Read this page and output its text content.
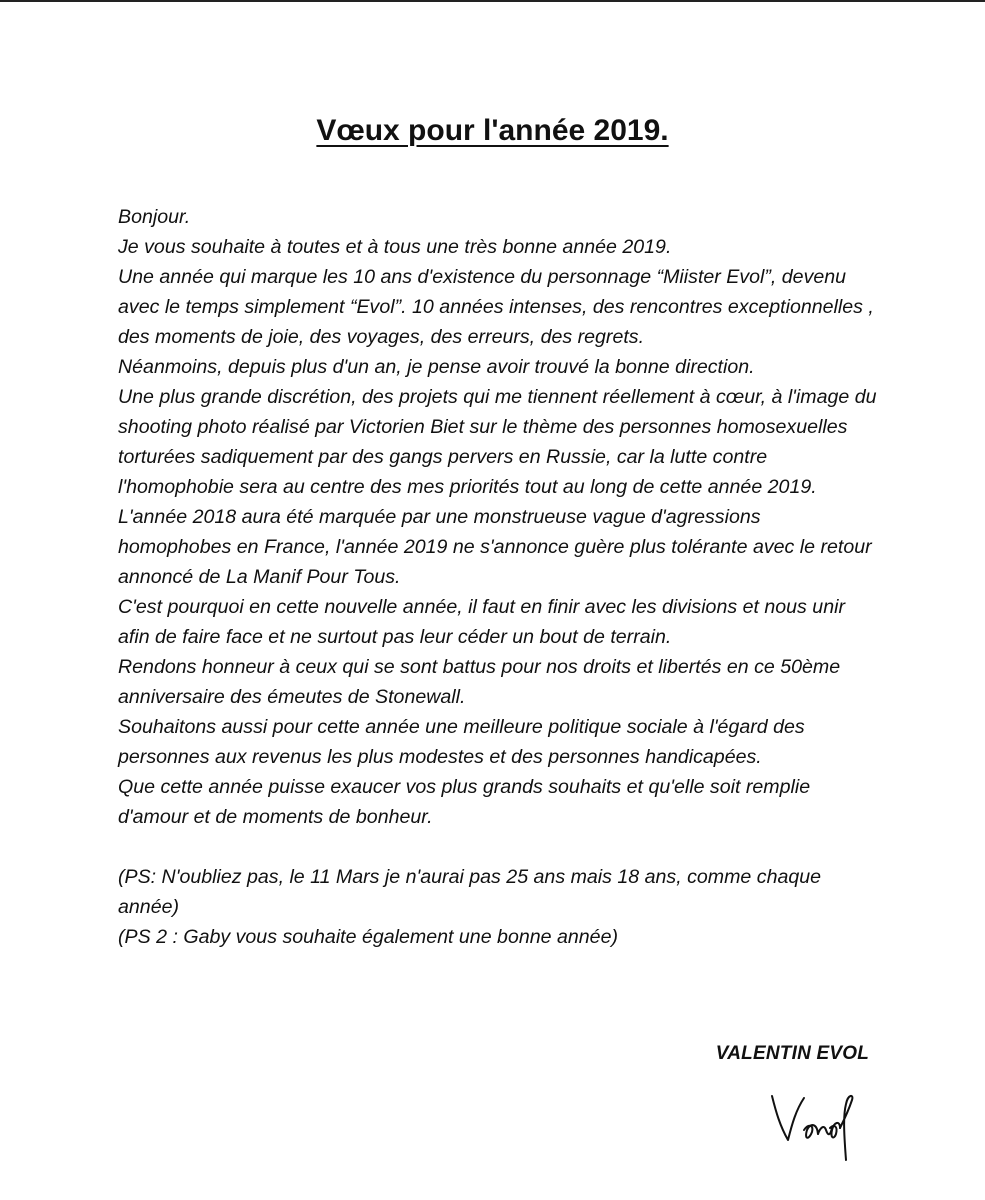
Vœux pour l'année 2019.

Bonjour.

Je vous souhaite à toutes et à tous une très bonne année 2019.

Une année qui marque les 10 ans d'existence du personnage “Miister Evol”, devenu avec le temps simplement “Evol”. 10 années intenses, des rencontres exceptionnelles , des moments de joie, des voyages, des erreurs, des regrets.

Néanmoins, depuis plus d'un an, je pense avoir trouvé la bonne direction.

Une plus grande discrétion, des projets qui me tiennent réellement à cœur, à l'image du shooting photo réalisé par Victorien Biet sur le thème des personnes homosexuelles torturées sadiquement par des gangs pervers en Russie, car la lutte contre l'homophobie sera au centre des mes priorités tout au long de cette année 2019.

L'année 2018 aura été marquée par une monstrueuse vague d'agressions homophobes en France, l'année 2019 ne s'annonce guère plus tolérante avec le retour annoncé de La Manif Pour Tous.

C'est pourquoi en cette nouvelle année, il faut en finir avec les divisions et nous unir afin de faire face et ne surtout pas leur céder un bout de terrain.

Rendons honneur à ceux qui se sont battus pour nos droits et libertés en ce 50ème anniversaire des émeutes de Stonewall.

Souhaitons aussi pour cette année une meilleure politique sociale à l'égard des personnes aux revenus les plus modestes et des personnes handicapées.

Que cette année puisse exaucer vos plus grands souhaits et qu'elle soit remplie d'amour et de moments de bonheur.

(PS: N'oubliez pas, le 11 Mars je n'aurai pas 25 ans mais 18 ans, comme chaque année)

(PS 2 : Gaby vous souhaite également une bonne année)

VALENTIN EVOL
